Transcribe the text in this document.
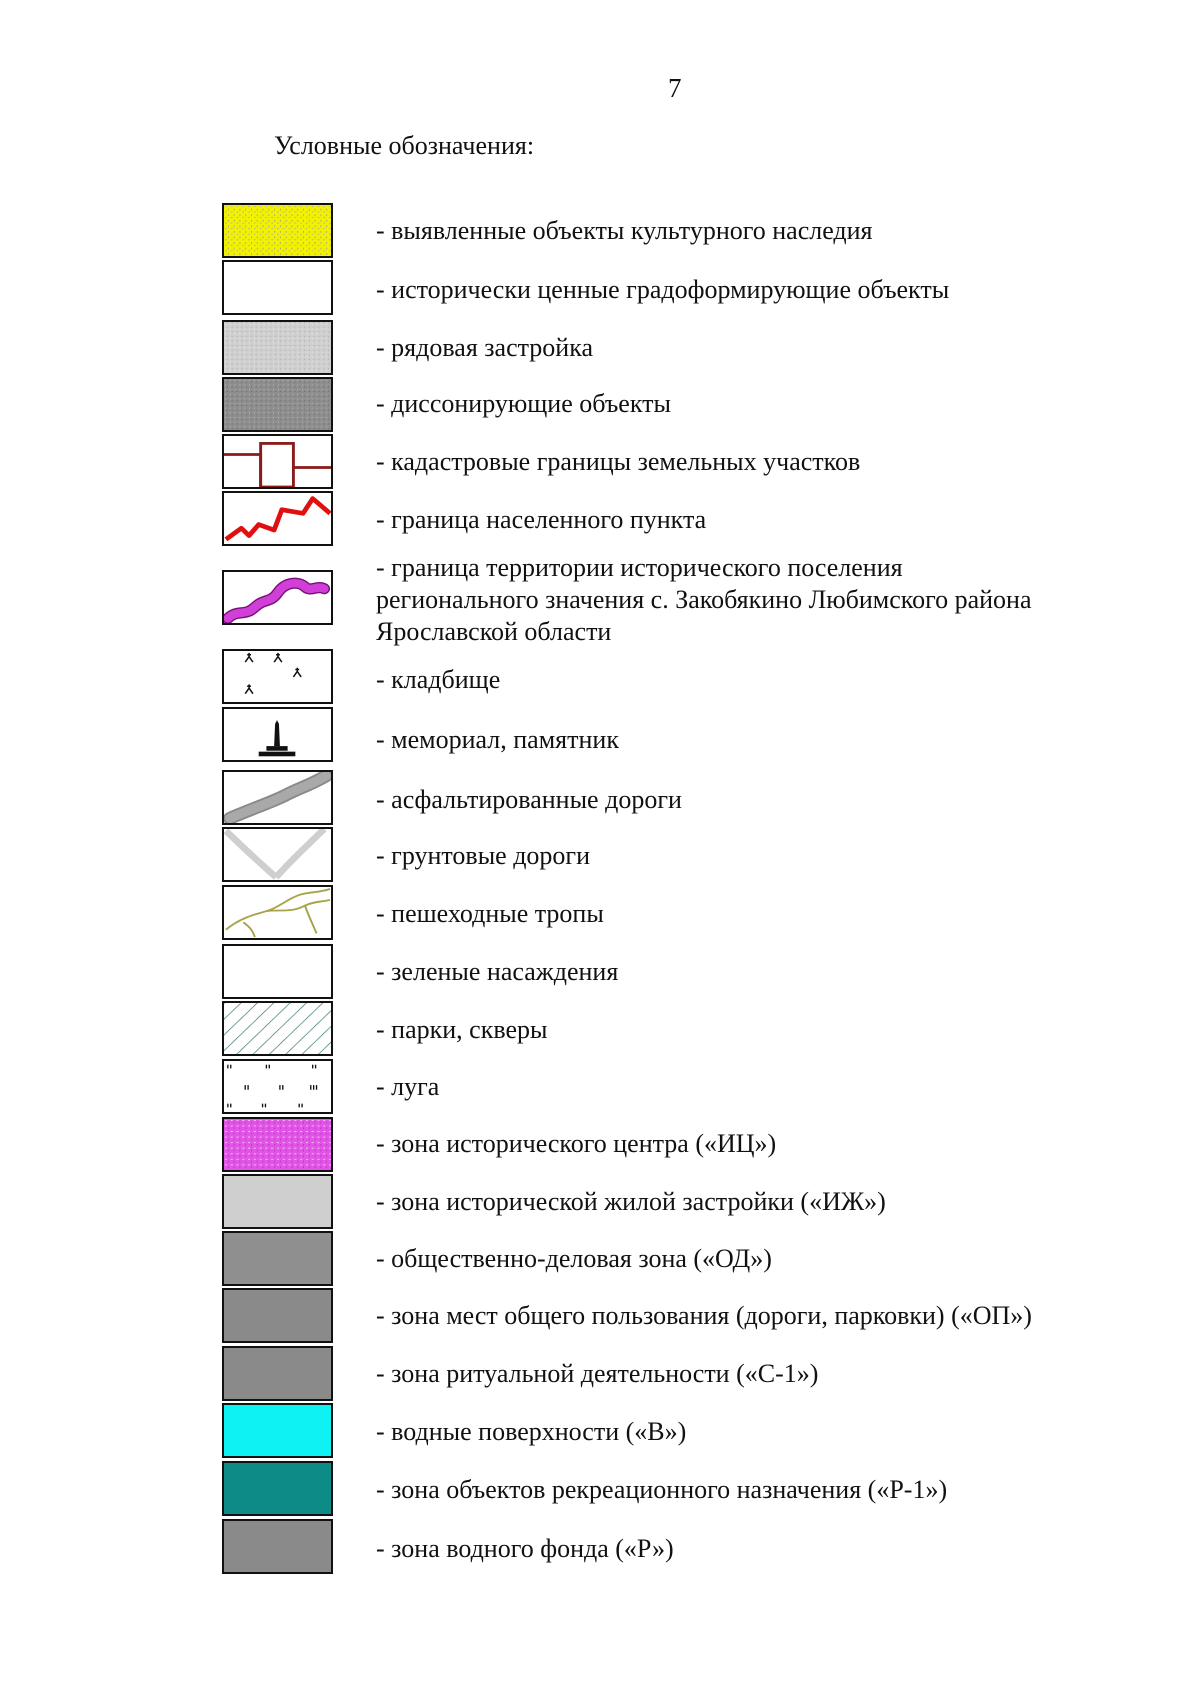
7
Условные обозначения:
- выявленные объекты культурного наследия
- исторически ценные градоформирующие объекты
- рядовая застройка
- диссонирующие объекты
- кадастровые границы земельных участков
- граница населенного пункта
- граница территории исторического поселения
регионального значения с. Закобякино Любимского района
Ярославской области
- кладбище
- мемориал, памятник
- асфальтированные дороги
- грунтовые дороги
- пешеходные тропы
- зеленые насаждения
- парки, скверы
- луга
- зона исторического центра («ИЦ»)
- зона исторической жилой застройки («ИЖ»)
- общественно-деловая зона («ОД»)
- зона мест общего пользования (дороги, парковки) («ОП»)
- зона ритуальной деятельности («С-1»)
- водные поверхности («В»)
- зона объектов рекреационного назначения («Р-1»)
- зона водного фонда («Р»)
